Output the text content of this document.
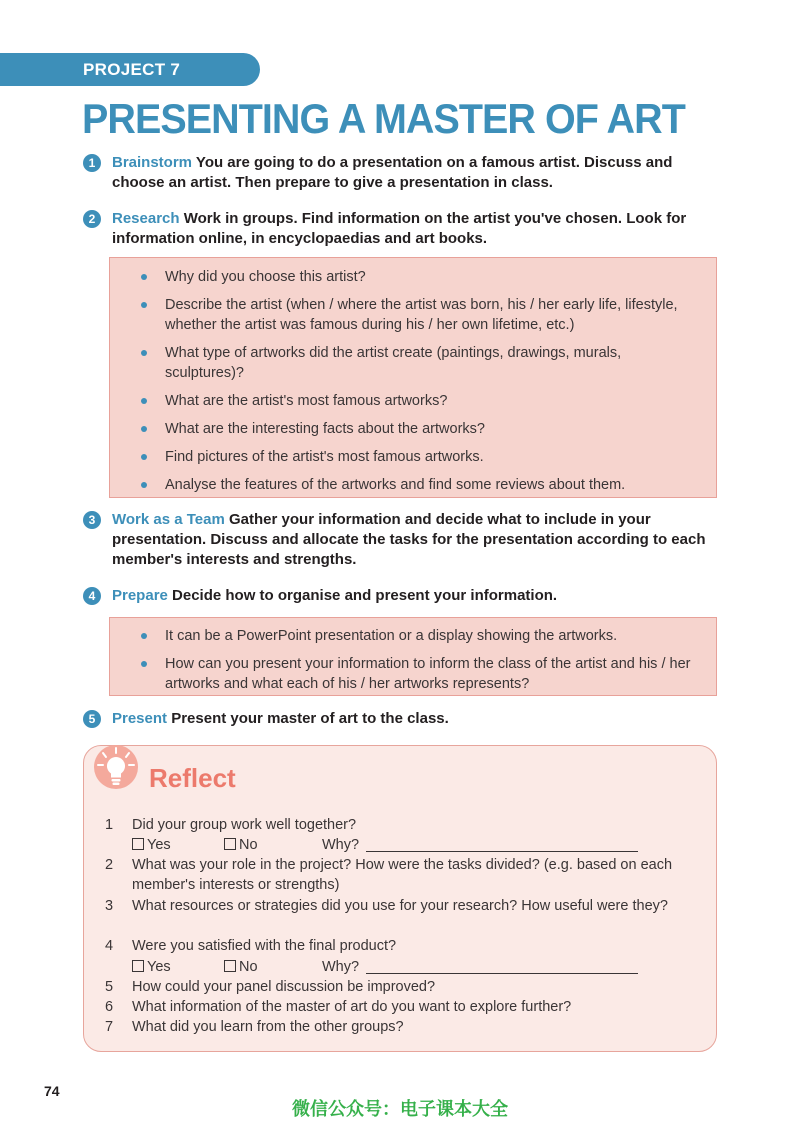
PROJECT 7
PRESENTING A MASTER OF ART
1	Brainstorm You are going to do a presentation on a famous artist. Discuss and choose an artist. Then prepare to give a presentation in class.
2	Research Work in groups. Find information on the artist you've chosen. Look for information online, in encyclopaedias and art books.
Why did you choose this artist?
Describe the artist (when / where the artist was born, his / her early life, lifestyle, whether the artist was famous during his / her own lifetime, etc.)
What type of artworks did the artist create (paintings, drawings, murals, sculptures)?
What are the artist's most famous artworks?
What are the interesting facts about the artworks?
Find pictures of the artist's most famous artworks.
Analyse the features of the artworks and find some reviews about them.
3	Work as a Team Gather your information and decide what to include in your presentation. Discuss and allocate the tasks for the presentation according to each member's interests and strengths.
4	Prepare Decide how to organise and present your information.
It can be a PowerPoint presentation or a display showing the artworks.
How can you present your information to inform the class of the artist and his / her artworks and what each of his / her artworks represents?
5	Present Present your master of art to the class.
Reflect
1	Did your group work well together?
Yes	No	Why?
2	What was your role in the project? How were the tasks divided? (e.g. based on each member's interests or strengths)
3	What resources or strategies did you use for your research? How useful were they?
4	Were you satisfied with the final product?
Yes	No	Why?
5	How could your panel discussion be improved?
6	What information of the master of art do you want to explore further?
7	What did you learn from the other groups?
74
微信公众号：电子课本大全
